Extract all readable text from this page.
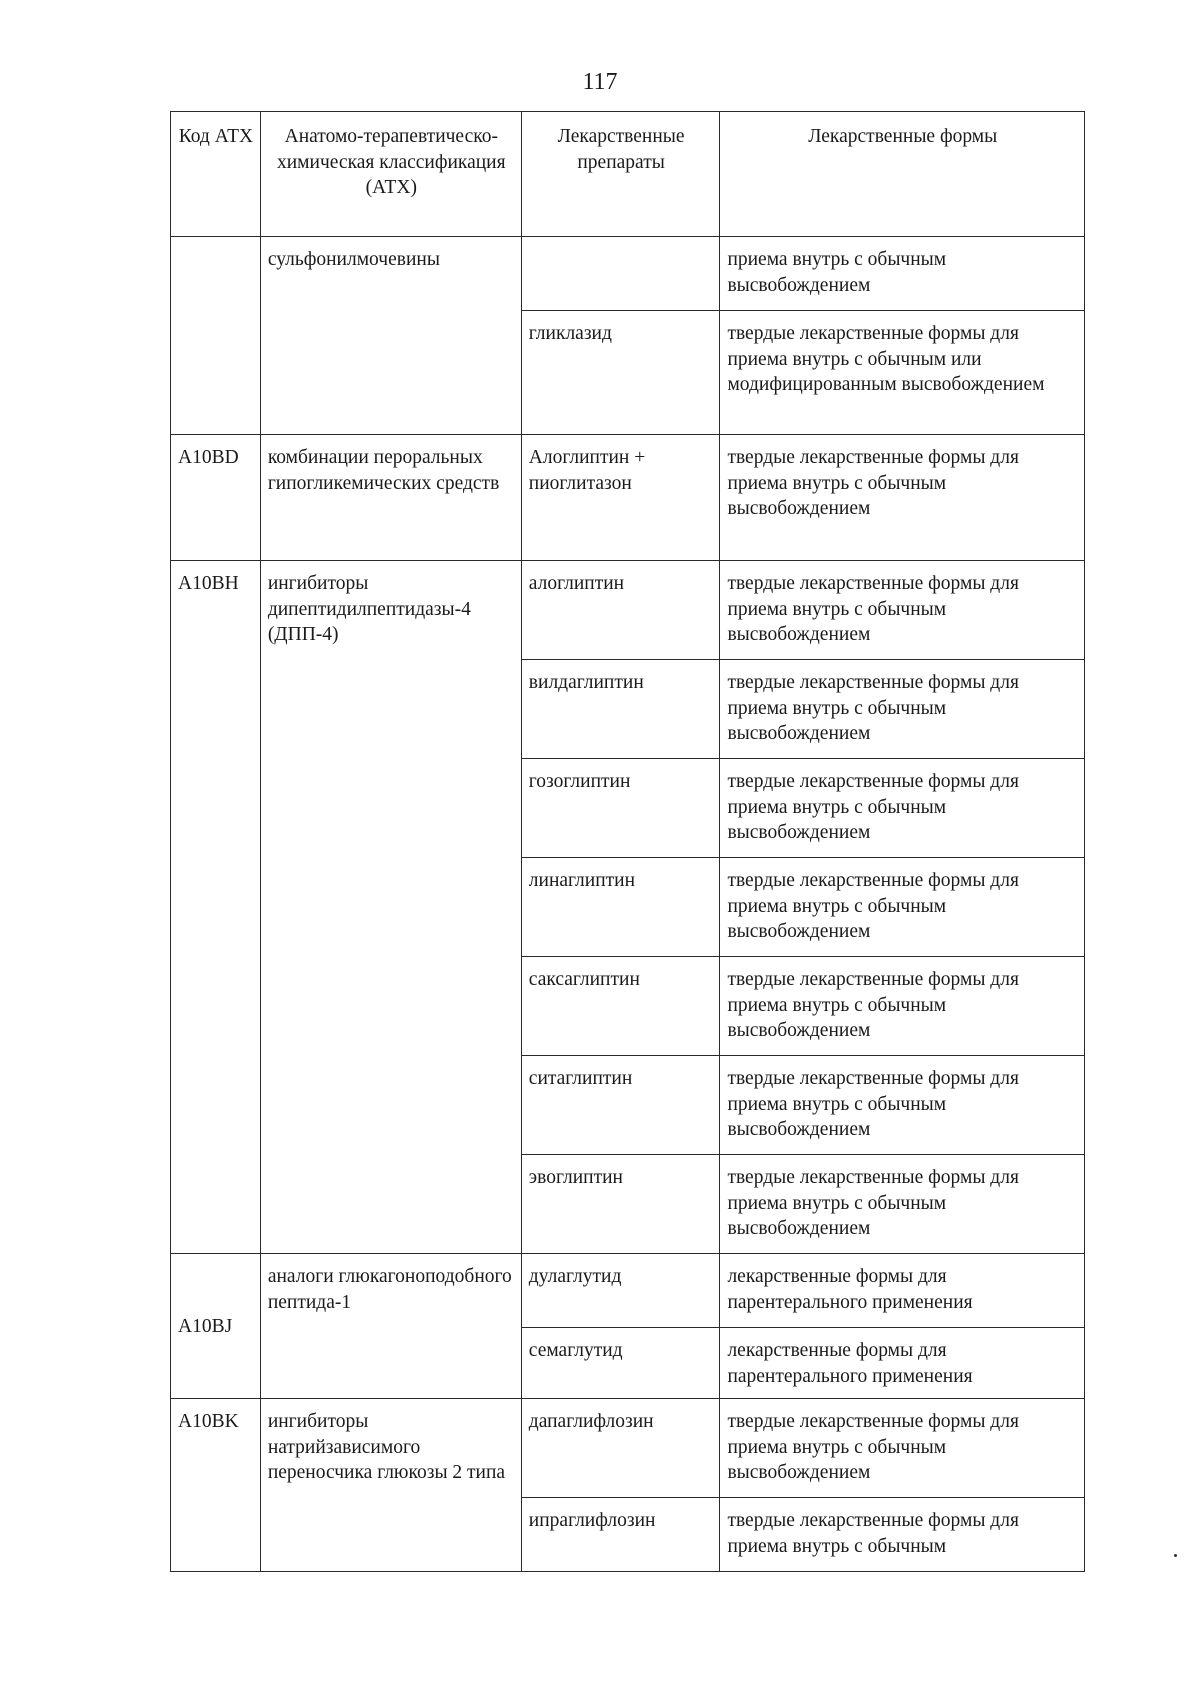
117
Код АТХ	Анатомо-терапевтическо-химическая классификация (АТХ)	Лекарственные препараты	Лекарственные формы
	сульфонилмочевины		приема внутрь с обычным высвобождением
		гликлазид	твердые лекарственные формы для приема внутрь с обычным или модифицированным высвобождением
A10BD	комбинации пероральных гипогликемических средств	Алоглиптин + пиоглитазон	твердые лекарственные формы для приема внутрь с обычным высвобождением
A10BH	ингибиторы дипептидилпептидазы-4 (ДПП-4)	алоглиптин	твердые лекарственные формы для приема внутрь с обычным высвобождением
		вилдаглиптин	твердые лекарственные формы для приема внутрь с обычным высвобождением
		гозоглиптин	твердые лекарственные формы для приема внутрь с обычным высвобождением
		линаглиптин	твердые лекарственные формы для приема внутрь с обычным высвобождением
		саксаглиптин	твердые лекарственные формы для приема внутрь с обычным высвобождением
		ситаглиптин	твердые лекарственные формы для приема внутрь с обычным высвобождением
		эвоглиптин	твердые лекарственные формы для приема внутрь с обычным высвобождением
A10BJ	аналоги глюкагоноподобного пептида-1	дулаглутид	лекарственные формы для парентерального применения
		семаглутид	лекарственные формы для парентерального применения
A10BK	ингибиторы натрийзависимого переносчика глюкозы 2 типа	дапаглифлозин	твердые лекарственные формы для приема внутрь с обычным высвобождением
		ипраглифлозин	твердые лекарственные формы для приема внутрь с обычным
